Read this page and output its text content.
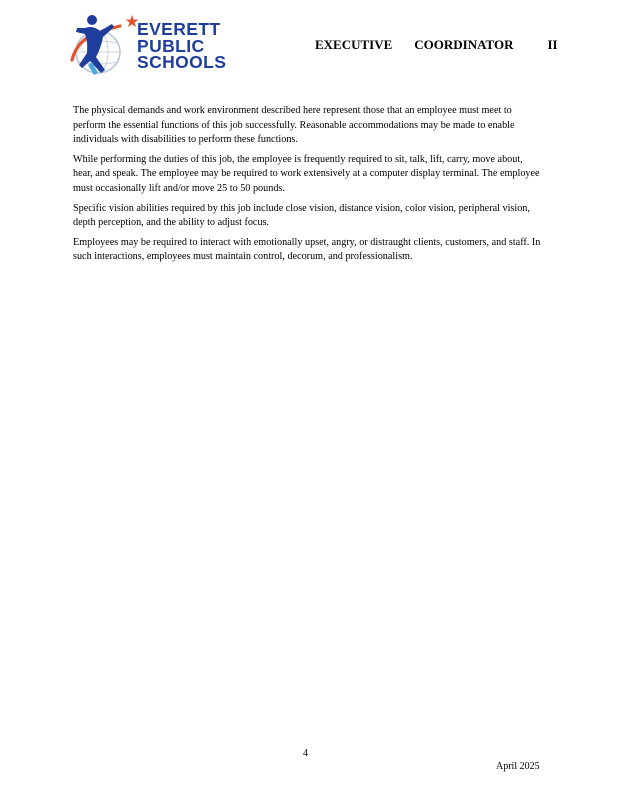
EVERETT
PUBLIC
SCHOOLS
EXECUTIVE COORDINATOR	II

The physical demands and work environment described here represent those that an employee must meet to perform the essential functions of this job successfully. Reasonable accommodations may be made to enable individuals with disabilities to perform these functions.

While performing the duties of this job, the employee is frequently required to sit, talk, lift, carry, move about, hear, and speak. The employee may be required to work extensively at a computer display terminal. The employee must occasionally lift and/or move 25 to 50 pounds.

Specific vision abilities required by this job include close vision, distance vision, color vision, peripheral vision, depth perception, and the ability to adjust focus.

Employees may be required to interact with emotionally upset, angry, or distraught clients, customers, and staff. In such interactions, employees must maintain control, decorum, and professionalism.

4
April 2025
